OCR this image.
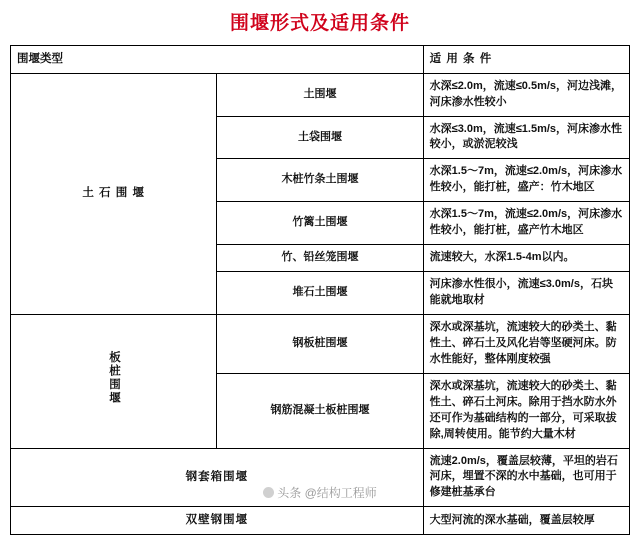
围堰形式及适用条件
围堰类型		适 用 条 件
土 石 围 堰	土围堰	水深≤2.0m，流速≤0.5m/s，河边浅滩，河床渗水性较小
	土袋围堰	水深≤3.0m，流速≤1.5m/s，河床渗水性较小，或淤泥较浅
	木桩竹条土围堰	水深1.5～7m，流速≤2.0m/s，河床渗水性较小，能打桩，盛产：竹木地区
	竹篱土围堰	水深1.5～7m，流速≤2.0m/s，河床渗水性较小，能打桩，盛产竹木地区
	竹、铅丝笼围堰	流速较大，水深1.5-4m以内。
	堆石土围堰	河床渗水性很小，流速≤3.0m/s，石块能就地取材
板桩围堰	钢板桩围堰	深水或深基坑，流速较大的砂类土、黏性土、碎石土及风化岩等坚硬河床。防水性能好，整体刚度较强
	钢筋混凝土板桩围堰	深水或深基坑，流速较大的砂类土、黏性土、碎石土河床。除用于挡水防水外还可作为基础结构的一部分，可采取拔除,周转使用。能节约大量木材
钢套箱围堰		流速2.0m/s，覆盖层较薄，平坦的岩石河床，埋置不深的水中基础，也可用于修建桩基承台
双壁钢围堰		大型河流的深水基础，覆盖层较厚
头条 @结构工程师
